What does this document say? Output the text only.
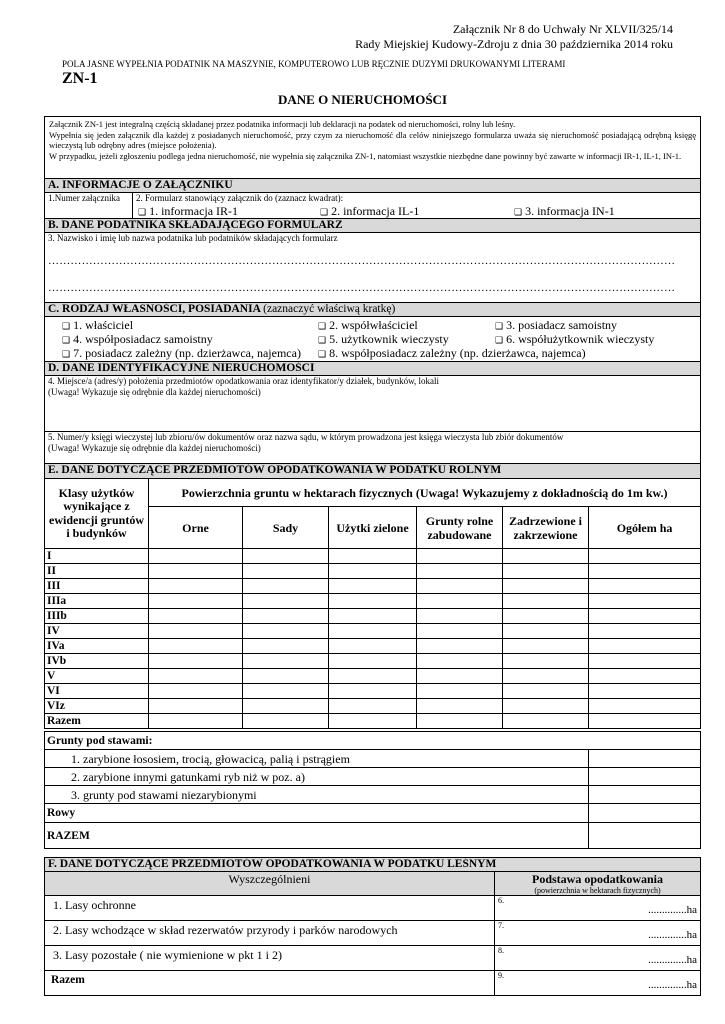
Załącznik Nr 8 do Uchwały Nr XLVII/325/14
Rady Miejskiej Kudowy-Zdroju z dnia 30 października 2014 roku
POLA JASNE WYPEŁNIA PODATNIK NA MASZYNIE, KOMPUTEROWO LUB RĘCZNIE DUZYMI DRUKOWANYMI LITERAMI
ZN-1
DANE O NIERUCHOMOŚCI
Załącznik ZN-1 jest integralną częścią składanej przez podatnika informacji lub deklaracji na podatek od nieruchomości, rolny lub leśny.
Wypełnia się jeden załącznik dla każdej z posiadanych nieruchomość, przy czym za nieruchomość dla celów niniejszego formularza uważa się nieruchomość posiadającą odrębną księgę wieczystą lub odrębny adres (miejsce położenia).
W przypadku, jeżeli zgłoszeniu podlega jedna nieruchomość, nie wypełnia się załącznika ZN-1, natomiast wszystkie niezbędne dane powinny być zawarte w informacji IR-1, IL-1, IN-1.

A. INFORMACJE O ZAŁĄCZNIKU
1.Numer załącznika	2. Formularz stanowiący załącznik do (zaznacz kwadrat):
❑ 1. informacja IR-1	❑ 2. informacja IL-1	❑ 3. informacja IN-1

B. DANE PODATNIKA SKŁADAJĄCEGO FORMULARZ

3. Nazwisko i imię lub nazwa podatnika lub podatników składających formularz
……………………………………………………………………………………………………………………………………………………
……………………………………………………………………………………………………………………………………………………

C. RODZAJ WŁASNOŚCI, POSIADANIA (zaznaczyć właściwą kratkę)

❑ 1. właściciel	❑ 2. współwłaściciel	❑ 3. posiadacz samoistny
❑ 4. współposiadacz samoistny	❑ 5. użytkownik wieczysty	❑ 6. współużytkownik wieczysty
❑ 7. posiadacz zależny (np. dzierżawca, najemca) ❑ 8. współposiadacz zależny (np. dzierżawca, najemca)

D. DANE IDENTYFIKACYJNE NIERUCHOMOŚCI

4. Miejsce/a (adres/y) położenia przedmiotów opodatkowania oraz identyfikator/y działek, budynków, lokali
(Uwaga! Wykazuje się odrębnie dla każdej nieruchomości)

5. Numer/y księgi wieczystej lub zbioru/ów dokumentów oraz nazwa sądu, w którym prowadzona jest księga wieczysta lub zbiór dokumentów
(Uwaga! Wykazuje się odrębnie dla każdej nieruchomości)
E. DANE DOTYCZĄCE PRZEDMIOTÓW OPODATKOWANIA W PODATKU ROLNYM						
Klasy użytków wynikające z ewidencji gruntów i budynków	Powierzchnia gruntu w hektarach fizycznych (Uwaga! Wykazujemy z dokładnością do 1m kw.)					
	Orne	Sady	Użytki zielone	Grunty rolne zabudowane	Zadrzewione i zakrzewione	Ogółem ha
I						
II						
III						
IIIa						
IIIb						
IV						
IVa						
IVb						
V						
VI						
VIz						
Razem						
Grunty pod stawami:	
1. zarybione łososiem, trocią, głowacicą, palią i pstrągiem	
2. zarybione innymi gatunkami ryb niż w poz. a)	
3. grunty pod stawami niezarybionymi	
Rowy	
RAZEM	
F. DANE DOTYCZĄCE PRZEDMIOTÓW OPODATKOWANIA W PODATKU LEŚNYM	
Wyszczególnieni	Podstawa opodatkowania
(powierzchnia w hektarach fizycznych)

1. Lasy ochronne	6.
..............ha

2. Lasy wchodzące w skład rezerwatów przyrody i parków narodowych	7.
..............ha

3. Lasy pozostałe ( nie wymienione w pkt 1 i 2)	8.
..............ha

Razem	9.
..............ha
